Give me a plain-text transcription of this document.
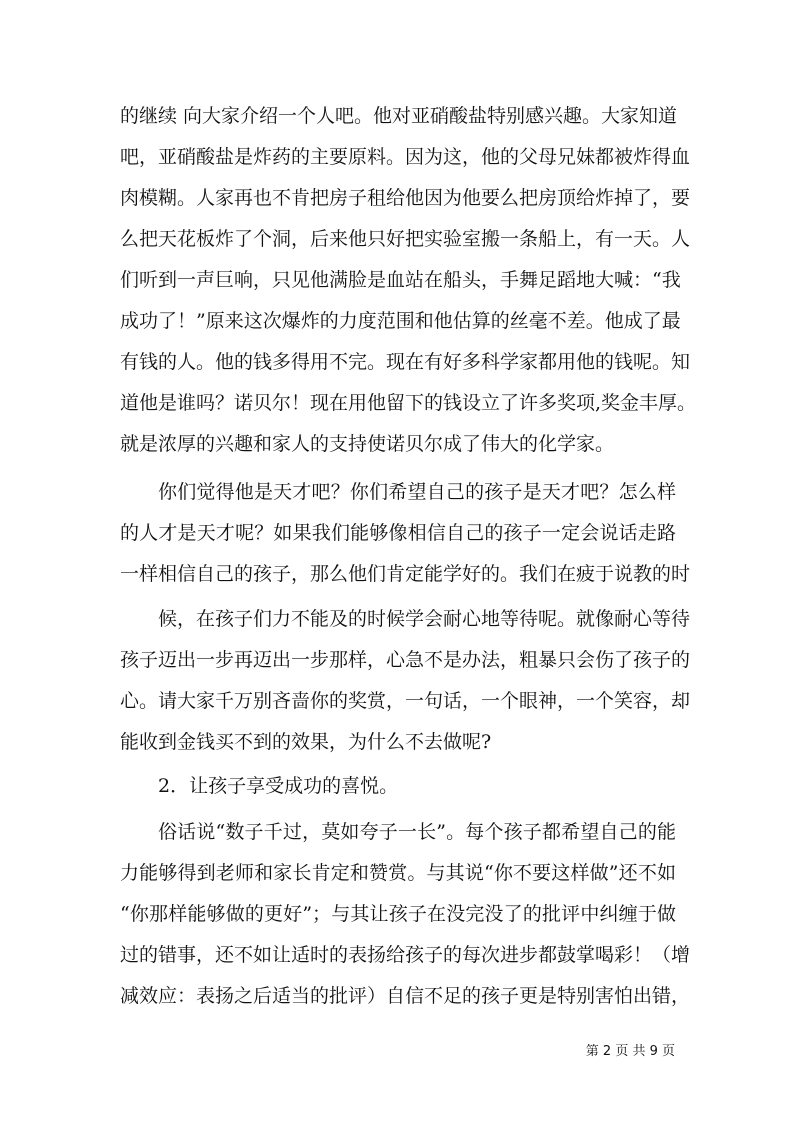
的继续 向大家介绍一个人吧。他对亚硝酸盐特别感兴趣。大家知道
吧，亚硝酸盐是炸药的主要原料。因为这，他的父母兄妹都被炸得血
肉模糊。人家再也不肯把房子租给他因为他要么把房顶给炸掉了，要
么把天花板炸了个洞，后来他只好把实验室搬一条船上，有一天。人
们听到一声巨响，只见他满脸是血站在船头，手舞足蹈地大喊：“我
成功了！”原来这次爆炸的力度范围和他估算的丝毫不差。他成了最
有钱的人。他的钱多得用不完。现在有好多科学家都用他的钱呢。知
道他是谁吗？诺贝尔！现在用他留下的钱设立了许多奖项,奖金丰厚。
就是浓厚的兴趣和家人的支持使诺贝尔成了伟大的化学家。
你们觉得他是天才吧？你们希望自己的孩子是天才吧？怎么样
的人才是天才呢？如果我们能够像相信自己的孩子一定会说话走路
一样相信自己的孩子，那么他们肯定能学好的。我们在疲于说教的时
候，在孩子们力不能及的时候学会耐心地等待呢。就像耐心等待
孩子迈出一步再迈出一步那样，心急不是办法，粗暴只会伤了孩子的
心。请大家千万别吝啬你的奖赏，一句话，一个眼神，一个笑容，却
能收到金钱买不到的效果，为什么不去做呢?
2．让孩子享受成功的喜悦。
俗话说“数子千过，莫如夸子一长”。每个孩子都希望自己的能
力能够得到老师和家长肯定和赞赏。与其说“你不要这样做”还不如
“你那样能够做的更好”；与其让孩子在没完没了的批评中纠缠于做
过的错事，还不如让适时的表扬给孩子的每次进步都鼓掌喝彩！（增
减效应：表扬之后适当的批评）自信不足的孩子更是特别害怕出错，
第 2 页 共 9 页
